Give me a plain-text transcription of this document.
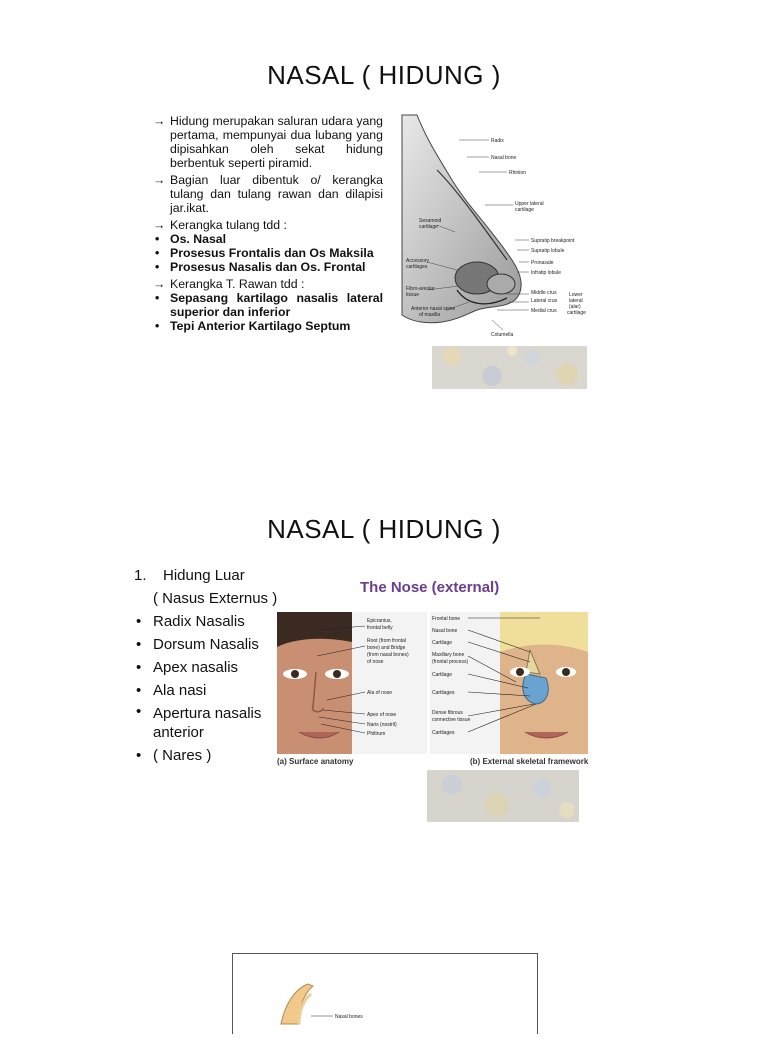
NASAL ( HIDUNG )
→ Hidung merupakan saluran udara yang pertama, mempunyai dua lubang yang dipisahkan oleh sekat hidung berbentuk seperti piramid.
→ Bagian luar dibentuk o/ kerangka tulang dan tulang rawan dan dilapisi jar.ikat.
→ Kerangka tulang tdd :
• Os. Nasal
• Prosesus Frontalis dan Os Maksila
• Prosesus Nasalis dan Os. Frontal
→ Kerangka T. Rawan tdd :
• Sepasang kartilago nasalis lateral superior dan inferior
• Tepi Anterior Kartilago Septum
Radix
Nasal bone
Rhinion
Upper lateral
cartilage
Sesamoid
cartilage
Supratip breakpoint
Supratip lobule
Pronasale
Infratip lobule
Accessory
cartilages
Fibro-areolar
tissue	Middle crus
Lateral crus
Medial crus
Lower
lateral
(alar)
cartilage
Anterior nasal spine
of maxilla
Columella
NASAL ( HIDUNG )
1. Hidung Luar
( Nasus Externus )
• Radix Nasalis
• Dorsum Nasalis
• Apex nasalis
• Ala nasi
• Apertura nasalis anterior
• ( Nares )
The Nose (external)
Epicranius,
frontal belly
Root (from frontal
bone) and Bridge
(from nasal bones)
of nose
Ala of nose
Apex of nose
Naris (nostril)
Philtrum
Frontal bone
Nasal bone
Cartilage
Maxillary bone
(frontal process)
Cartilage
Cartilages
Dense fibrous
connective tissue
Cartilages
(a) Surface anatomy	(b) External skeletal framework
Nasal bones
